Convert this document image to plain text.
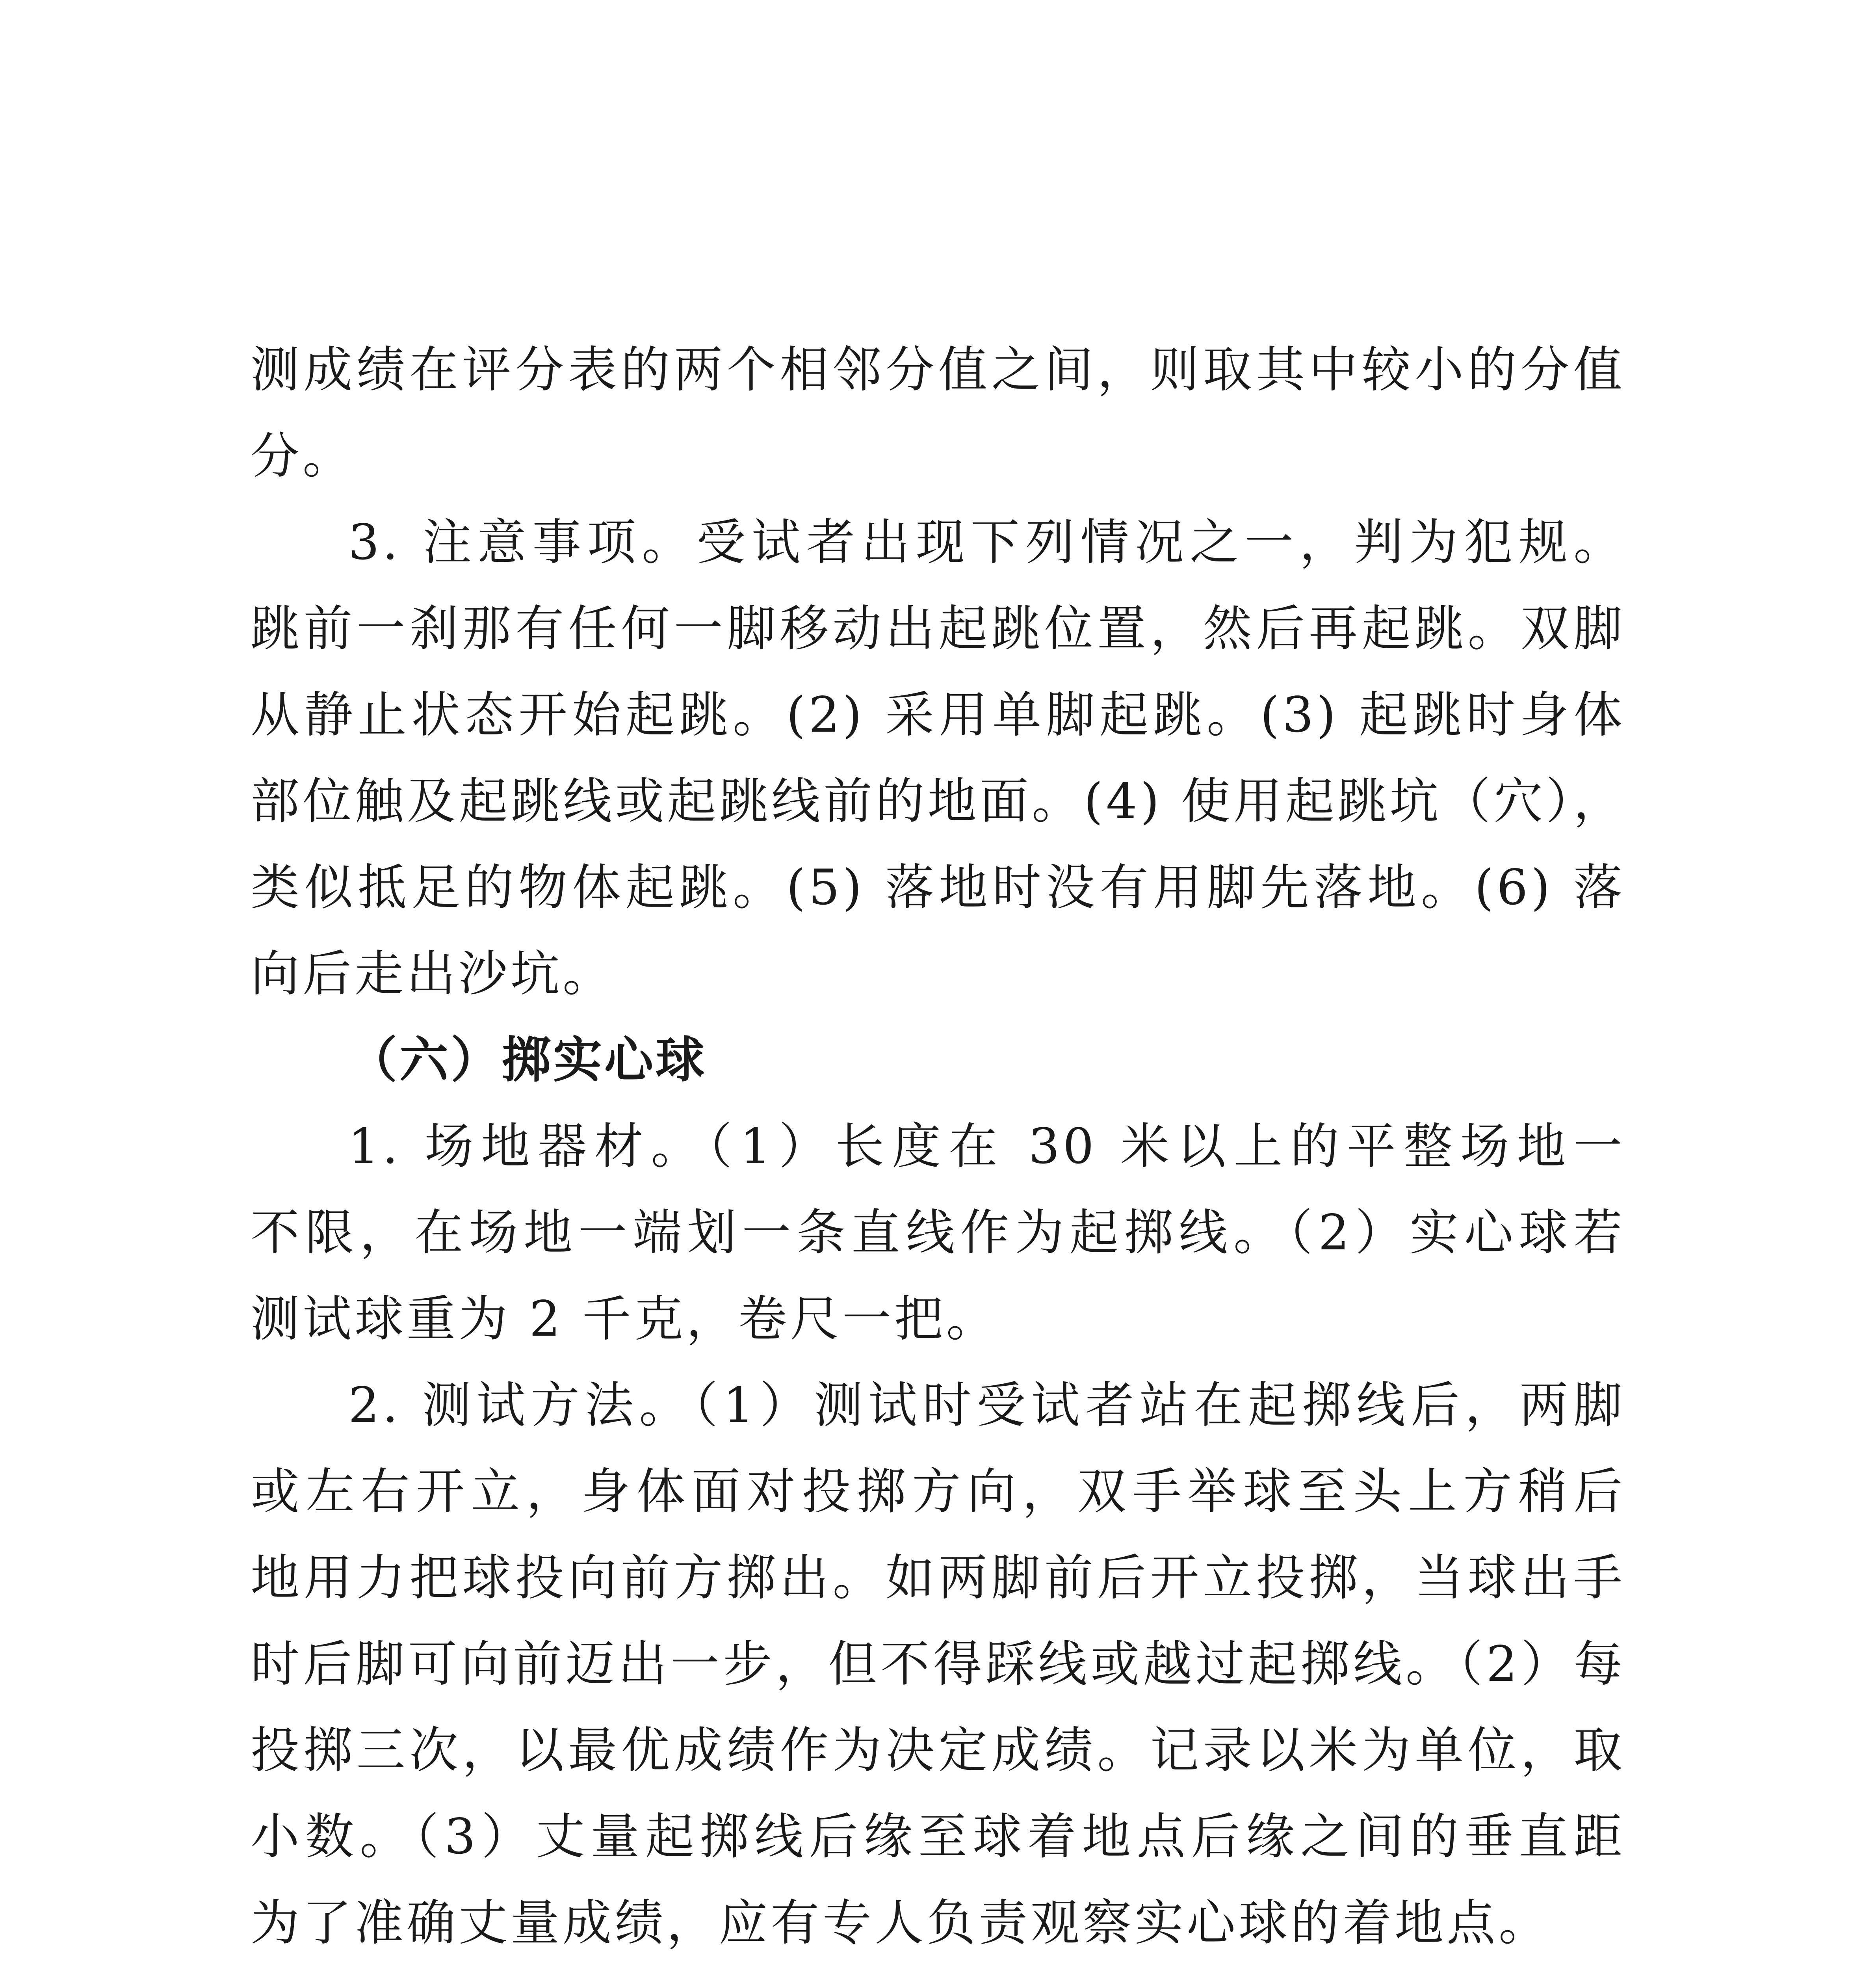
测成绩在评分表的两个相邻分值之间，则取其中较小的分值
分。
3. 注意事项。受试者出现下列情况之一，判为犯规。
跳前一刹那有任何一脚移动出起跳位置，然后再起跳。双脚
从静止状态开始起跳。(2) 采用单脚起跳。(3) 起跳时身体
部位触及起跳线或起跳线前的地面。(4) 使用起跳坑（穴），
类似抵足的物体起跳。(5) 落地时没有用脚先落地。(6) 落
向后走出沙坑。
（六）掷实心球
1. 场地器材。（1）长度在 30 米以上的平整场地一
不限，在场地一端划一条直线作为起掷线。（2）实心球若
测试球重为 2 千克，卷尺一把。
2. 测试方法。（1）测试时受试者站在起掷线后，两脚
或左右开立，身体面对投掷方向，双手举球至头上方稍后
地用力把球投向前方掷出。如两脚前后开立投掷，当球出手
时后脚可向前迈出一步，但不得踩线或越过起掷线。（2）每
投掷三次，以最优成绩作为决定成绩。记录以米为单位，取
小数。（3）丈量起掷线后缘至球着地点后缘之间的垂直距
为了准确丈量成绩，应有专人负责观察实心球的着地点。
